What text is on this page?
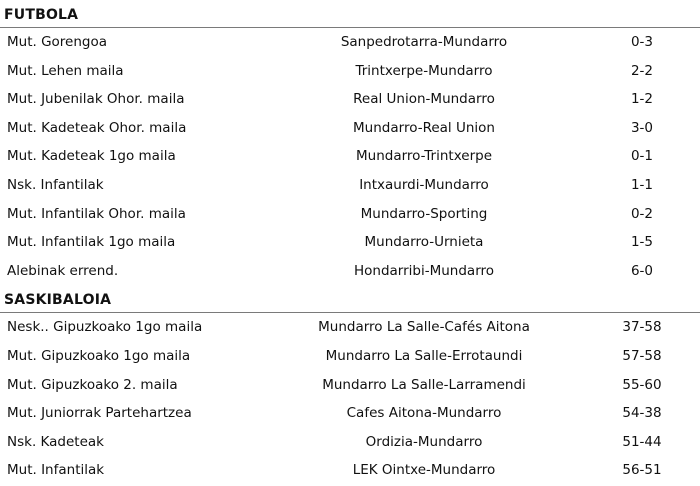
FUTBOLA
Mut. Gorengoa	Sanpedrotarra-Mundarro	0-3
Mut. Lehen maila	Trintxerpe-Mundarro	2-2
Mut. Jubenilak Ohor. maila	Real Union-Mundarro	1-2
Mut. Kadeteak Ohor. maila	Mundarro-Real Union	3-0
Mut. Kadeteak 1go maila	Mundarro-Trintxerpe	0-1
Nsk. Infantilak	Intxaurdi-Mundarro	1-1
Mut. Infantilak Ohor. maila	Mundarro-Sporting	0-2
Mut. Infantilak 1go maila	Mundarro-Urnieta	1-5
Alebinak errend.	Hondarribi-Mundarro	6-0
SASKIBALOIA
Nesk.. Gipuzkoako 1go maila	Mundarro La Salle-Cafés Aitona	37-58
Mut. Gipuzkoako 1go maila	Mundarro La Salle-Errotaundi	57-58
Mut. Gipuzkoako 2. maila	Mundarro La Salle-Larramendi	55-60
Mut. Juniorrak Partehartzea	Cafes Aitona-Mundarro	54-38
Nsk. Kadeteak	Ordizia-Mundarro	51-44
Mut. Infantilak	LEK Ointxe-Mundarro	56-51
